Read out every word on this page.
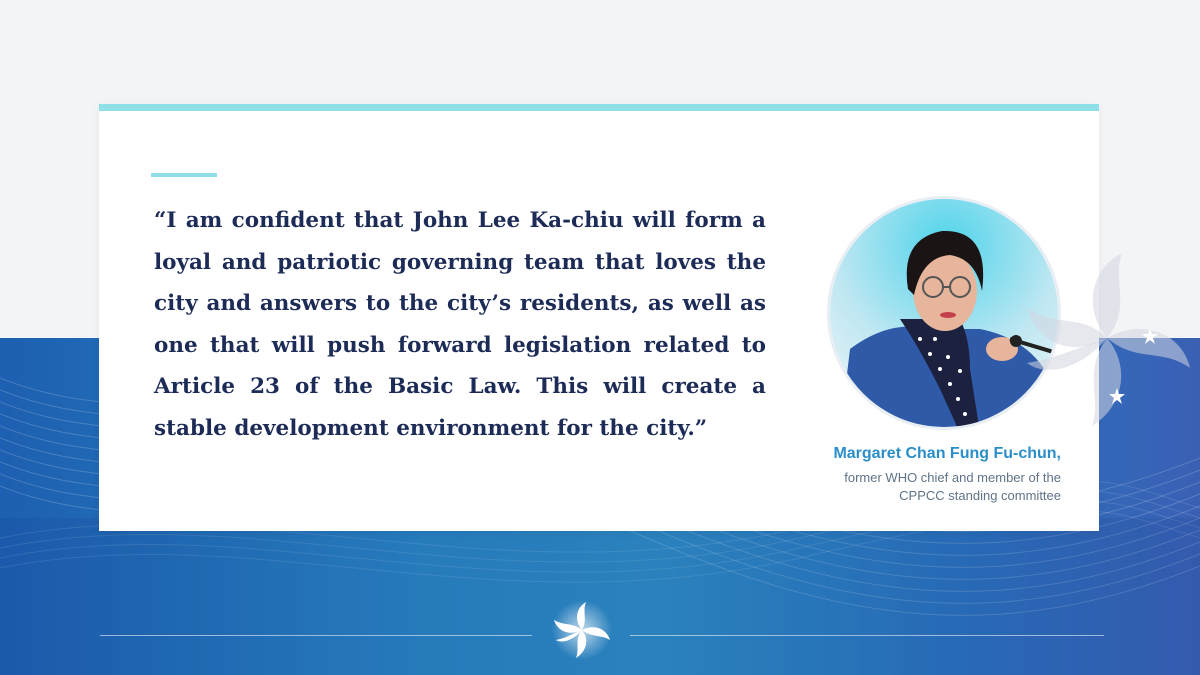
“I am confident that John Lee Ka-chiu will form a loyal and patriotic governing team that loves the city and answers to the city’s residents, as well as one that will push forward legislation related to Article 23 of the Basic Law. This will create a stable development environment for the city.”

Margaret Chan Fung Fu-chun,
former WHO chief and member of the CPPCC standing committee
